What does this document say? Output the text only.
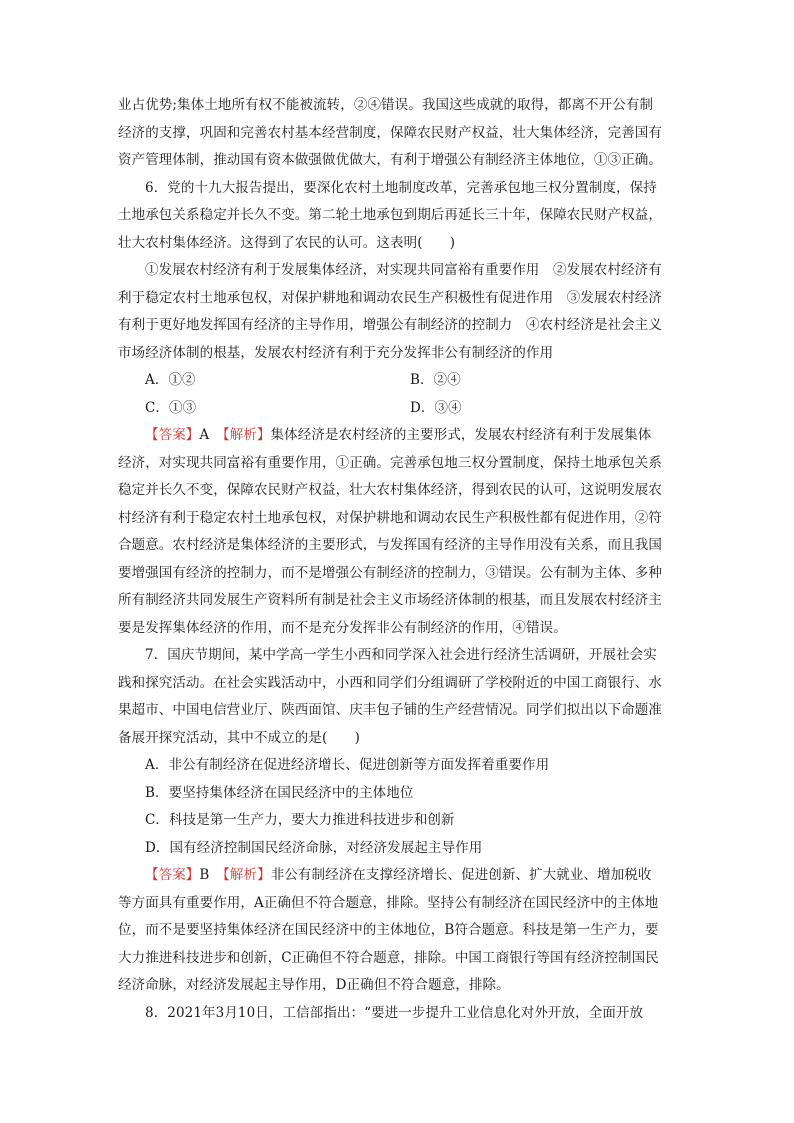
业占优势;集体土地所有权不能被流转，②④错误。我国这些成就的取得，都离不开公有制
经济的支撑，巩固和完善农村基本经营制度，保障农民财产权益，壮大集体经济，完善国有
资产管理体制，推动国有资本做强做优做大，有利于增强公有制经济主体地位，①③正确。
6．党的十九大报告提出，要深化农村土地制度改革，完善承包地三权分置制度，保持
土地承包关系稳定并长久不变。第二轮土地承包到期后再延长三十年，保障农民财产权益，
壮大农村集体经济。这得到了农民的认可。这表明(　　)
①发展农村经济有利于发展集体经济，对实现共同富裕有重要作用　②发展农村经济有
利于稳定农村土地承包权，对保护耕地和调动农民生产积极性有促进作用　③发展农村经济
有利于更好地发挥国有经济的主导作用，增强公有制经济的控制力　④农村经济是社会主义
市场经济体制的根基，发展农村经济有利于充分发挥非公有制经济的作用
A．①②	B．②④
C．①③	D．③④
【答案】A　 【解析】集体经济是农村经济的主要形式，发展农村经济有利于发展集体
经济，对实现共同富裕有重要作用，①正确。完善承包地三权分置制度，保持土地承包关系
稳定并长久不变，保障农民财产权益，壮大农村集体经济，得到农民的认可，这说明发展农
村经济有利于稳定农村土地承包权，对保护耕地和调动农民生产积极性都有促进作用，②符
合题意。农村经济是集体经济的主要形式，与发挥国有经济的主导作用没有关系，而且我国
要增强国有经济的控制力，而不是增强公有制经济的控制力，③错误。公有制为主体、多种
所有制经济共同发展生产资料所有制是社会主义市场经济体制的根基，而且发展农村经济主
要是发挥集体经济的作用，而不是充分发挥非公有制经济的作用，④错误。
7．国庆节期间，某中学高一学生小西和同学深入社会进行经济生活调研，开展社会实
践和探究活动。在社会实践活动中，小西和同学们分组调研了学校附近的中国工商银行、水
果超市、中国电信营业厅、陕西面馆、庆丰包子铺的生产经营情况。同学们拟出以下命题准
备展开探究活动，其中不成立的是(　　)
A．非公有制经济在促进经济增长、促进创新等方面发挥着重要作用
B．要坚持集体经济在国民经济中的主体地位
C．科技是第一生产力，要大力推进科技进步和创新
D．国有经济控制国民经济命脉，对经济发展起主导作用
【答案】B　 【解析】非公有制经济在支撑经济增长、促进创新、扩大就业、增加税收
等方面具有重要作用，A正确但不符合题意，排除。坚持公有制经济在国民经济中的主体地
位，而不是要坚持集体经济在国民经济中的主体地位，B符合题意。科技是第一生产力，要
大力推进科技进步和创新，C正确但不符合题意，排除。中国工商银行等国有经济控制国民
经济命脉，对经济发展起主导作用，D正确但不符合题意，排除。
8．2021年3月10日，工信部指出：“要进一步提升工业信息化对外开放，全面开放
